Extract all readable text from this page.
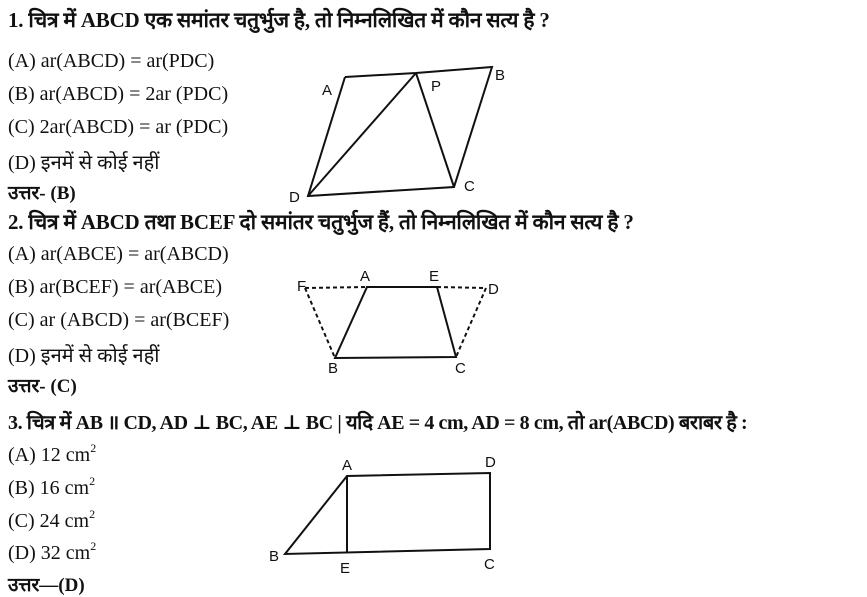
1. चित्र में ABCD एक समांतर चतुर्भुज है, तो निम्नलिखित में कौन सत्य है ?
(A) ar(ABCD) = ar(PDC)
(B) ar(ABCD) = 2ar (PDC)
(C) 2ar(ABCD) = ar (PDC)
(D) इनमें से कोई नहीं
उत्तर- (B)
A	P
B
C
D
2. चित्र में ABCD तथा BCEF दो समांतर चतुर्भुज हैं, तो निम्नलिखित में कौन सत्य है ?
(A) ar(ABCE) = ar(ABCD)
(B) ar(BCEF) = ar(ABCE)
(C) ar (ABCD) = ar(BCEF)
(D) इनमें से कोई नहीं
उत्तर- (C)
F
A	E
D
B	C
3. चित्र में AB ॥ CD, AD ⊥ BC, AE ⊥ BC | यदि AE = 4 cm, AD = 8 cm, तो ar(ABCD) बराबर है :
(A) 12 $cm^2$
(B) 16 $cm^2$
(C) 24 $cm^2$
(D) 32 $cm^2$
उत्तर—(D)
A	D
B
E	C
